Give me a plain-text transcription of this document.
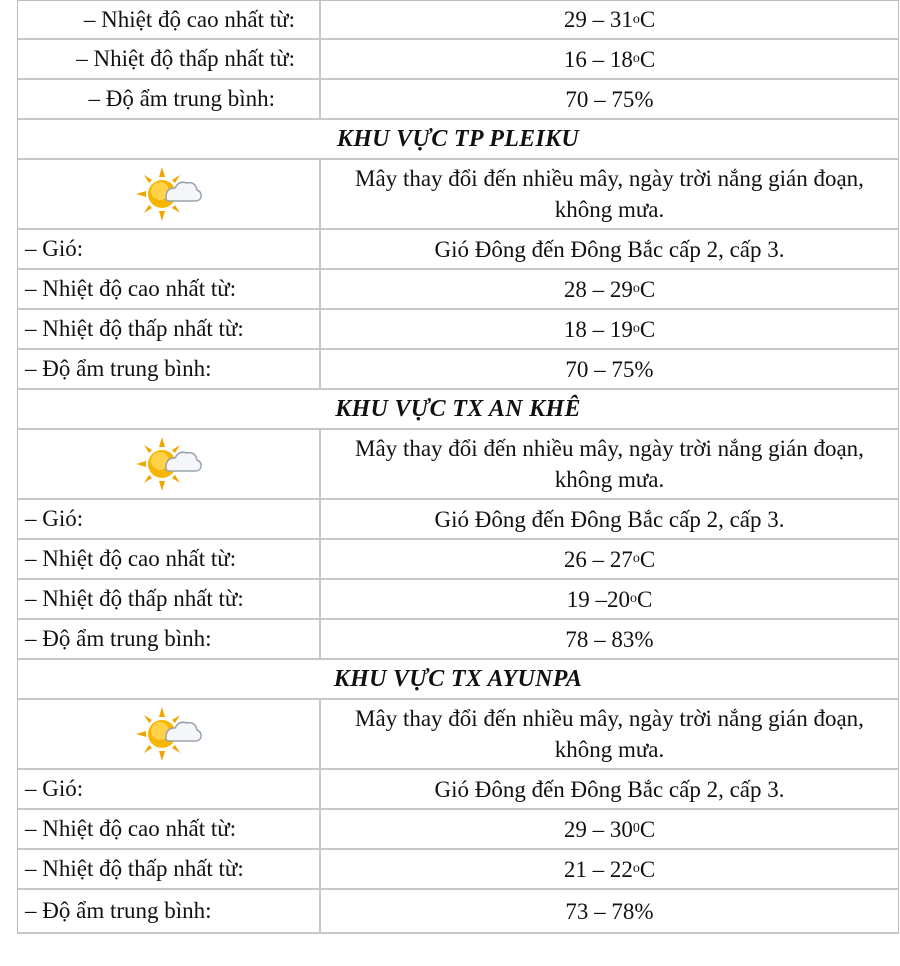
– Nhiệt độ cao nhất từ:	29 – 31 o C
– Nhiệt độ thấp nhất từ:	16 – 18 o C
– Độ ẩm trung bình:	70 – 75%
KHU VỰC TP PLEIKU
Mây thay đổi đến nhiều mây, ngày trời nắng gián đoạn, không mưa.
– Gió:	Gió Đông đến Đông Bắc cấp 2, cấp 3.
– Nhiệt độ cao nhất từ:	28 – 29 o C
– Nhiệt độ thấp nhất từ:	18 – 19 o C
– Độ ẩm trung bình:	70 – 75%
KHU VỰC TX AN KHÊ
Mây thay đổi đến nhiều mây, ngày trời nắng gián đoạn, không mưa.
– Gió:	Gió Đông đến Đông Bắc cấp 2, cấp 3.
– Nhiệt độ cao nhất từ:	26 – 27 o C
– Nhiệt độ thấp nhất từ:	19 –20 o C
– Độ ẩm trung bình:	78 – 83%
KHU VỰC TX AYUNPA
Mây thay đổi đến nhiều mây, ngày trời nắng gián đoạn, không mưa.
– Gió:	Gió Đông đến Đông Bắc cấp 2, cấp 3.
– Nhiệt độ cao nhất từ:	29 – 30 0 C
– Nhiệt độ thấp nhất từ:	21 – 22 o C
– Độ ẩm trung bình:	73 – 78%
